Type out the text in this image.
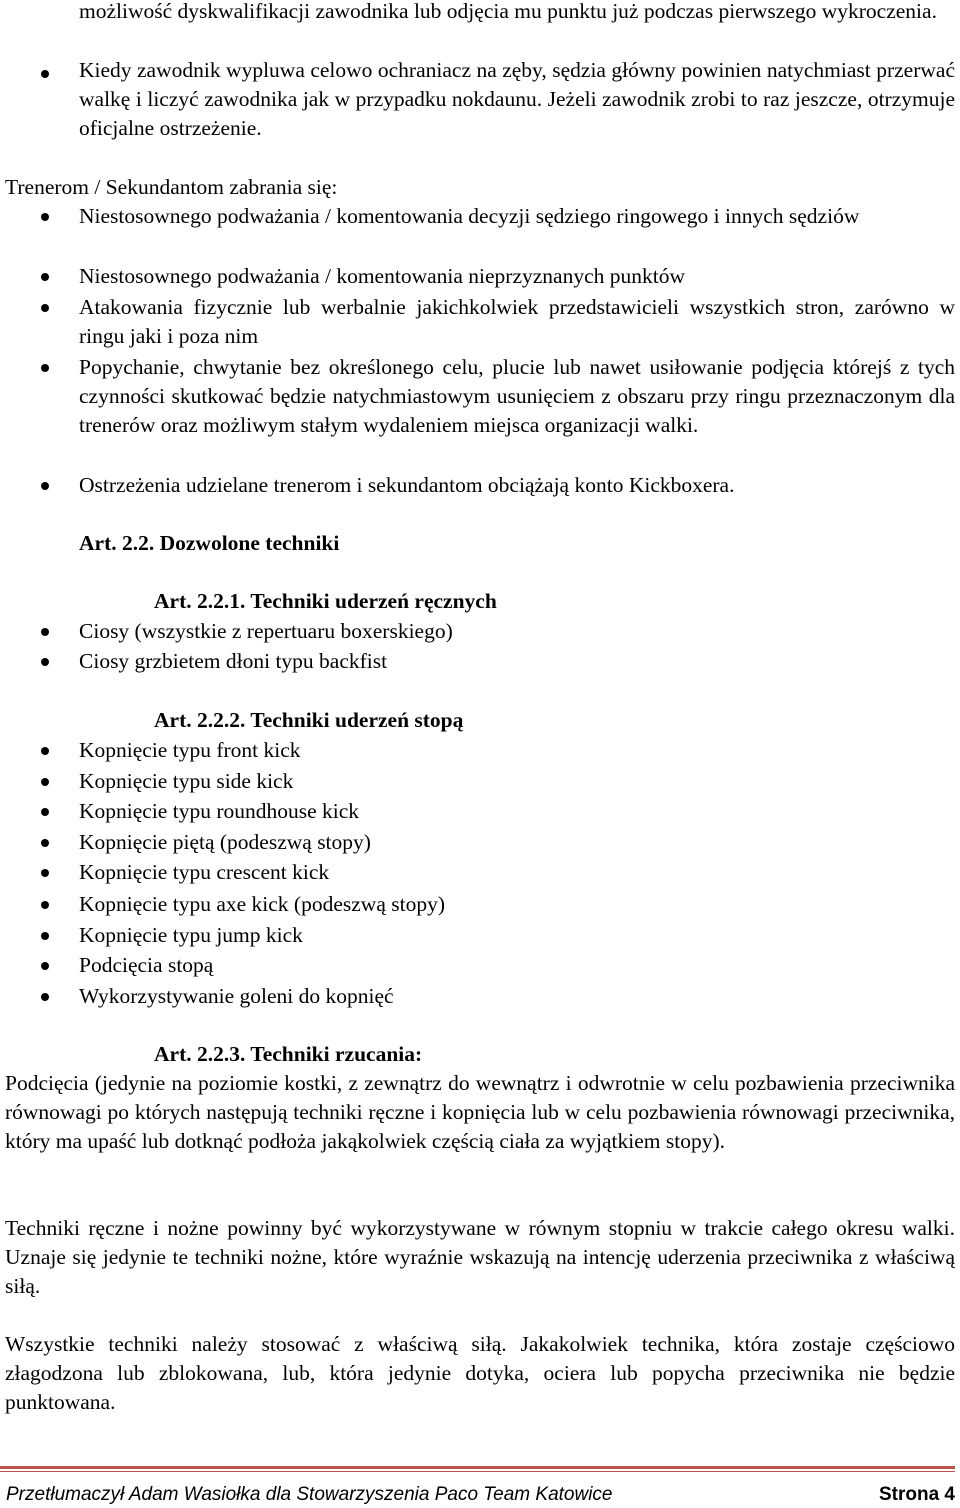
możliwość dyskwalifikacji zawodnika lub odjęcia mu punktu już podczas pierwszego wykroczenia.

Kiedy zawodnik wypluwa celowo ochraniacz na zęby, sędzia główny powinien natychmiast przerwać walkę i liczyć zawodnika jak w przypadku nokdaunu. Jeżeli zawodnik zrobi to raz jeszcze, otrzymuje oficjalne ostrzeżenie.

Trenerom / Sekundantom zabrania się:

Niestosownego podważania / komentowania decyzji sędziego ringowego i innych sędziów

Niestosownego podważania / komentowania nieprzyznanych punktów

Atakowania fizycznie lub werbalnie jakichkolwiek przedstawicieli wszystkich stron, zarówno w ringu jaki i poza nim

Popychanie, chwytanie bez określonego celu, plucie lub nawet usiłowanie podjęcia którejś z tych czynności skutkować będzie natychmiastowym usunięciem z obszaru przy ringu przeznaczonym dla trenerów oraz możliwym stałym wydaleniem miejsca organizacji walki.

Ostrzeżenia udzielane trenerom i sekundantom obciążają konto Kickboxera.

Art. 2.2. Dozwolone techniki

Art. 2.2.1. Techniki uderzeń ręcznych

Ciosy (wszystkie z repertuaru boxerskiego)

Ciosy grzbietem dłoni typu backfist

Art. 2.2.2. Techniki uderzeń stopą

Kopnięcie typu front kick

Kopnięcie typu side kick

Kopnięcie typu roundhouse kick

Kopnięcie piętą (podeszwą stopy)

Kopnięcie typu crescent kick

Kopnięcie typu axe kick (podeszwą stopy)

Kopnięcie typu jump kick

Podcięcia stopą

Wykorzystywanie goleni do kopnięć

Art. 2.2.3. Techniki rzucania:

Podcięcia (jedynie na poziomie kostki, z zewnątrz do wewnątrz i odwrotnie w celu pozbawienia przeciwnika równowagi po których następują techniki ręczne i kopnięcia lub w celu pozbawienia równowagi przeciwnika, który ma upaść lub dotknąć podłoża jakąkolwiek częścią ciała za wyjątkiem stopy).

Techniki ręczne i nożne powinny być wykorzystywane w równym stopniu w trakcie całego okresu walki. Uznaje się jedynie te techniki nożne, które wyraźnie wskazują na intencję uderzenia przeciwnika z właściwą siłą.

Wszystkie techniki należy stosować z właściwą siłą. Jakakolwiek technika, która zostaje częściowo złagodzona lub zblokowana, lub, która jedynie dotyka, ociera lub popycha przeciwnika nie będzie punktowana.

Przetłumaczył Adam Wasiołka dla Stowarzyszenia Paco Team Katowice	Strona 4
